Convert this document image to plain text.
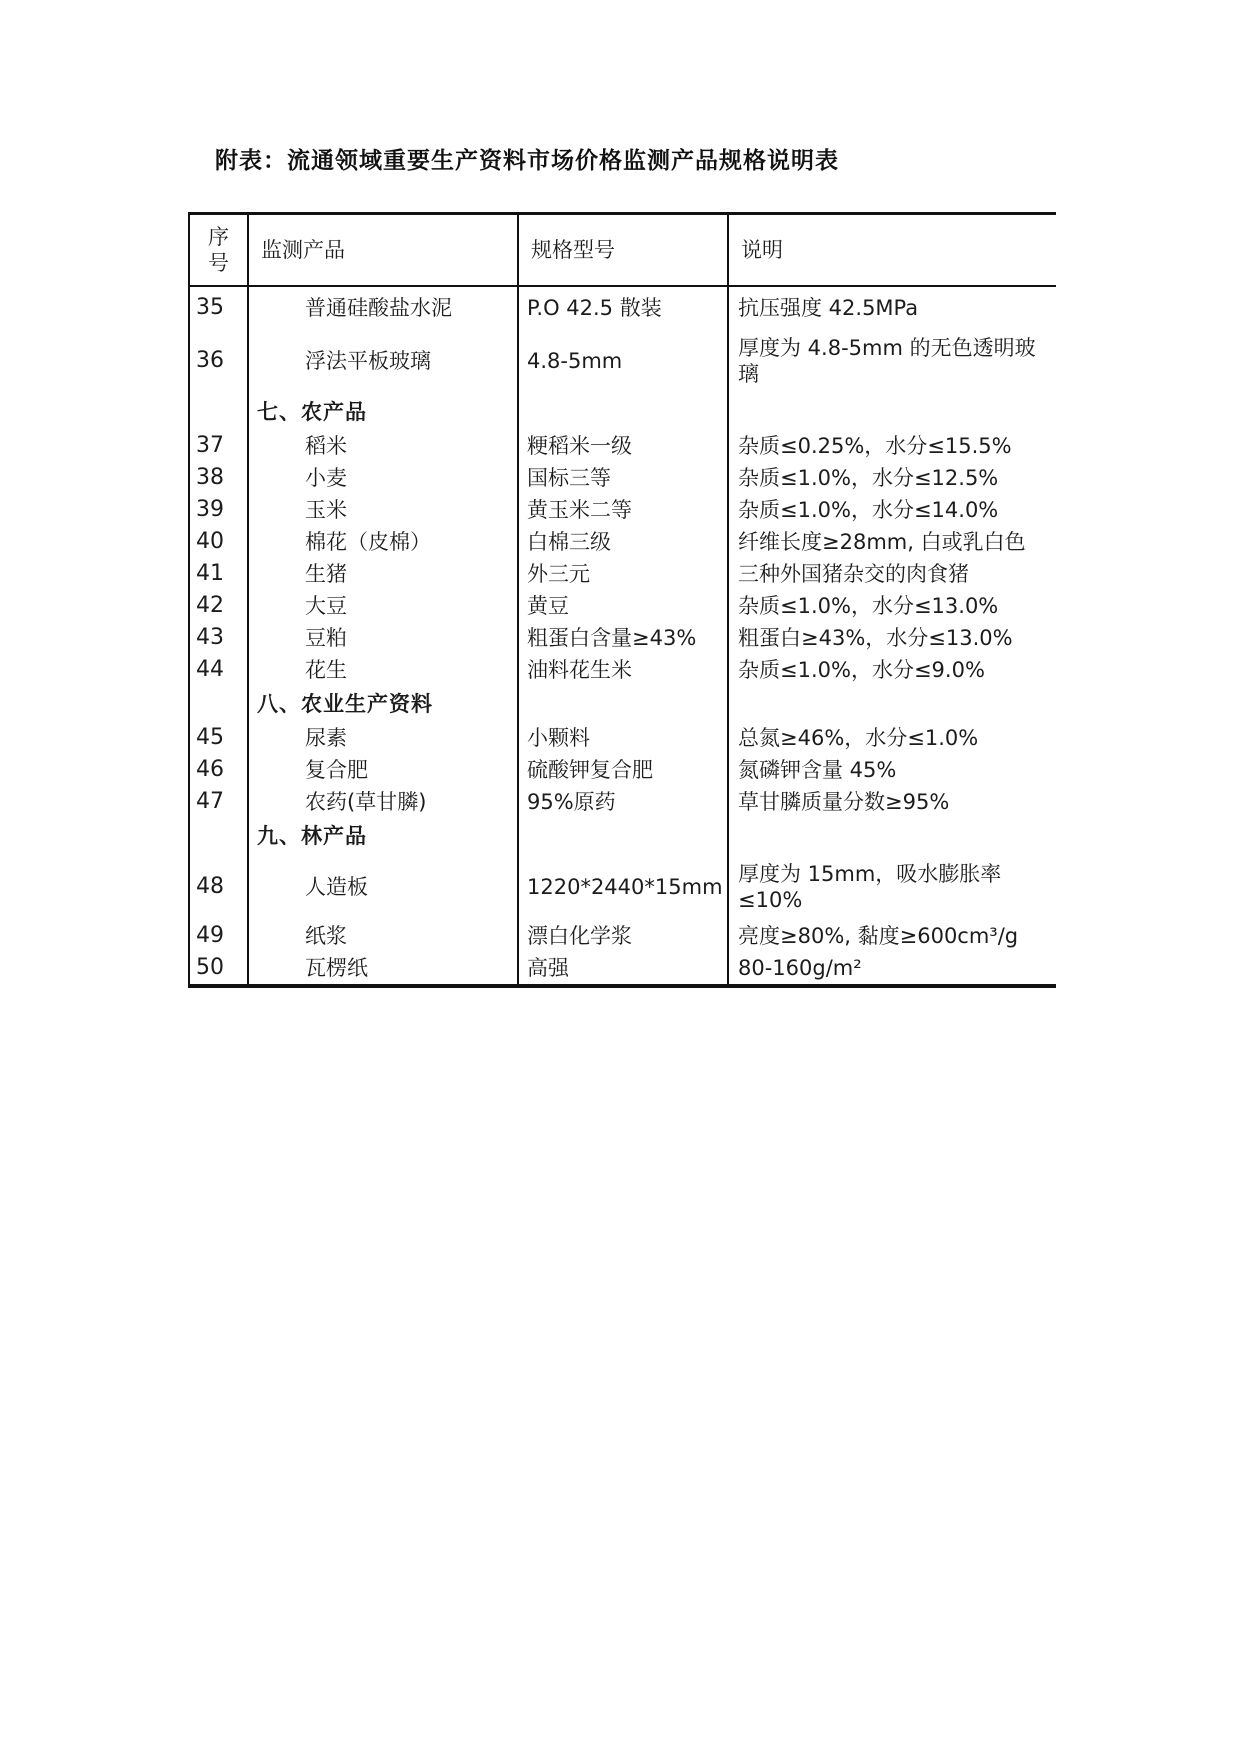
附表：流通领域重要生产资料市场价格监测产品规格说明表
序号	监测产品	规格型号	说明
35	普通硅酸盐水泥	P.O 42.5 散装	抗压强度 42.5MPa
36	浮法平板玻璃	4.8-5mm	厚度为 4.8-5mm 的无色透明玻璃
	七、农产品		
37	稻米	粳稻米一级	杂质≤0.25%，水分≤15.5%
38	小麦	国标三等	杂质≤1.0%，水分≤12.5%
39	玉米	黄玉米二等	杂质≤1.0%，水分≤14.0%
40	棉花（皮棉）	白棉三级	纤维长度≥28mm, 白或乳白色
41	生猪	外三元	三种外国猪杂交的肉食猪
42	大豆	黄豆	杂质≤1.0%，水分≤13.0%
43	豆粕	粗蛋白含量≥43%	粗蛋白≥43%，水分≤13.0%
44	花生	油料花生米	杂质≤1.0%，水分≤9.0%
	八、农业生产资料		
45	尿素	小颗料	总氮≥46%，水分≤1.0%
46	复合肥	硫酸钾复合肥	氮磷钾含量 45%
47	农药(草甘膦)	95%原药	草甘膦质量分数≥95%
	九、林产品		
48	人造板	1220*2440*15mm	厚度为 15mm，吸水膨胀率≤10%
49	纸浆	漂白化学浆	亮度≥80%, 黏度≥600cm³/g
50	瓦楞纸	高强	80-160g/m²
